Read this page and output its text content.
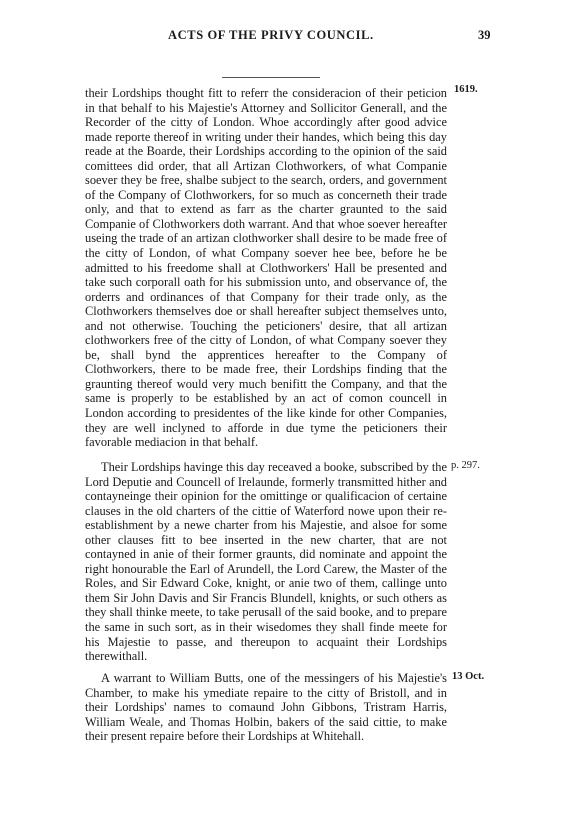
ACTS OF THE PRIVY COUNCIL.	39
1619.

their Lordships thought fitt to referr the consideracion of their peticion in that behalf to his Majestie's Attorney and Sollicitor Generall, and the Recorder of the citty of London. Whoe accordingly after good advice made reporte thereof in writing under their handes, which being this day reade at the Boarde, their Lordships according to the opinion of the said comittees did order, that all Artizan Clothworkers, of what Companie soever they be free, shalbe subject to the search, orders, and government of the Company of Clothworkers, for so much as concerneth their trade only, and that to extend as farr as the charter graunted to the said Companie of Clothworkers doth warrant. And that whoe soever hereafter useing the trade of an artizan clothworker shall desire to be made free of the citty of London, of what Company soever hee bee, before he be admitted to his freedome shall at Clothworkers' Hall be presented and take such corporall oath for his submission unto, and observance of, the orderrs and ordinances of that Company for their trade only, as the Clothworkers themselves doe or shall hereafter subject themselves unto, and not otherwise. Touching the peticioners' desire, that all artizan clothworkers free of the citty of London, of what Company soever they be, shall bynd the apprentices hereafter to the Company of Clothworkers, there to be made free, their Lordships finding that the graunting thereof would very much benifitt the Company, and that the same is properly to be established by an act of comon councell in London according to presidentes of the like kinde for other Companies, they are well inclyned to afforde in due tyme the peticioners their favorable mediacion in that behalf.

p. 297.

Their Lordships havinge this day receaved a booke, subscribed by the Lord Deputie and Councell of Irelaunde, formerly transmitted hither and contayneinge their opinion for the omittinge or qualificacion of certaine clauses in the old charters of the cittie of Waterford nowe upon their re-establishment by a newe charter from his Majestie, and alsoe for some other clauses fitt to bee inserted in the new charter, that are not contayned in anie of their former graunts, did nominate and appoint the right honourable the Earl of Arundell, the Lord Carew, the Master of the Roles, and Sir Edward Coke, knight, or anie two of them, callinge unto them Sir John Davis and Sir Francis Blundell, knights, or such others as they shall thinke meete, to take perusall of the said booke, and to prepare the same in such sort, as in their wisedomes they shall finde meete for his Majestie to passe, and thereupon to acquaint their Lordships therewithall.

13 Oct.

A warrant to William Butts, one of the messingers of his Majestie's Chamber, to make his ymediate repaire to the citty of Bristoll, and in their Lordships' names to comaund John Gibbons, Tristram Harris, William Weale, and Thomas Holbin, bakers of the said cittie, to make their present repaire before their Lordships at Whitehall.
